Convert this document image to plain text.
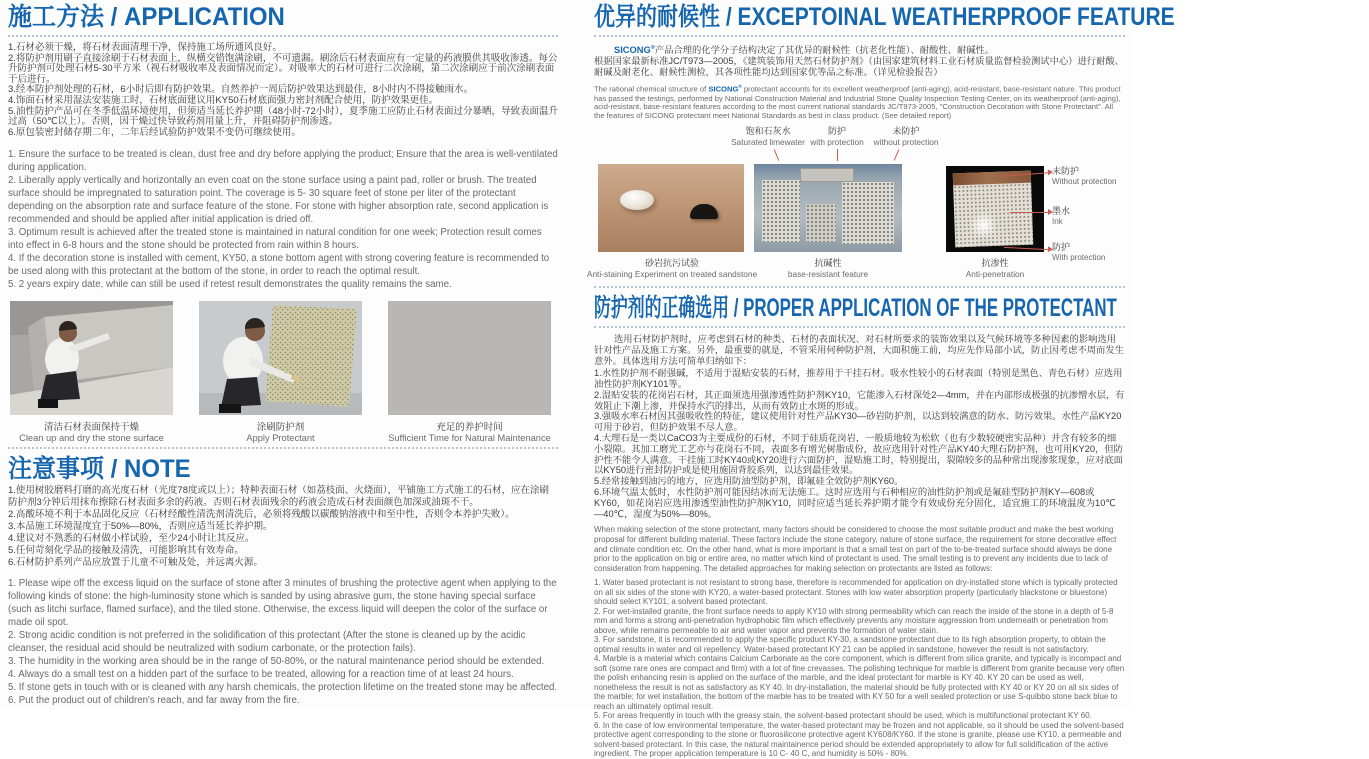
施工方法 / APPLICATION
1.石材必须干燥，将石材表面清理干净，保持施工场所通风良好。
2.将防护剂用刷子直接涂刷于石材表面上，纵横交错饱满涂刷，不可遗漏。刷涂后石材表面应有一定量的药液膜供其吸收渗透。每公升防护剂可处理石材5-30平方米（视石材吸收率及表面情况而定）。对吸率大的石材可进行二次涂刷，第二次涂刷应于前次涂刷表面干后进行。
3.经本防护剂处理的石材，6小时后即有防护效果。自然养护一周后防护效果达到最佳，8小时内不得接触雨水。
4.饰面石材采用湿法安装施工时，石材底面建议用KY50石材底面强力密封剂配合使用，防护效果更佳。
5.油性防护产品可在冬季低温环境使用，但须适当延长养护期（48小时-72小时），夏季施工应防止石材表面过分暴晒，导致表面温升过高（50℃以上）。否则，因干燥过快导致药剂用量上升，并阻碍防护剂渗透。
6.原包装密封储存期二年，二年后经试验防护效果不变仍可继续使用。
1. Ensure the surface to be treated is clean, dust free and dry before applying the product; Ensure that the area is well-ventilated during application.
2. Liberally apply vertically and horizontally an even coat on the stone surface using a paint pad, roller or brush. The treated surface should be impregnated to saturation point. The coverage is 5- 30 square feet of stone per liter of the protectant depending on the absorption rate and surface feature of the stone. For stone with higher absorption rate, second application is recommended and should be applied after initial application is dried off.
3. Optimum result is achieved after the treated stone is maintained in natural condition for one week; Protection result comes into effect in 6-8 hours and the stone should be protected from rain within 8 hours.
4. If the decoration stone is installed with cement, KY50, a stone bottom agent with strong covering feature is recommended to be used along with this protectant at the bottom of the stone, in order to reach the optimal result.
5. 2 years expiry date, while can still be used if retest result demonstrates the quality remains the same.
清洁石材表面保持干燥
Clean up and dry the stone surface
涂刷防护剂
Apply Protectant
充足的养护时间
Sufficient Time for Natural Maintenance
注意事项 / NOTE
1.使用树胶磨料打磨的高光度石材（光度78度或以上）；特种表面石材（如荔枝面、火烧面），平铺施工方式施工的石材，应在涂刷防护剂3分钟后用抹布擦除石材表面多余的药液。否则石材表面残余的药液会造成石材表面颜色加深或油斑不干。
2.高酸环境不利于本品固化反应（石材经酸性清洗剂清洗后，必须将残酸以碳酸钠溶液中和至中性，否则令本养护失败）。
3.本品施工环境湿度宜于50%—80%，否则应适当延长养护期。
4.建议对不熟悉的石材做小样试验，至少24小时让其反应。
5.任何苛刻化学品的接触及清洗，可能影响其有效寿命。
6.石材防护系列产品应放置于儿童不可触及处，并远离火源。
1. Please wipe off the excess liquid on the surface of stone after 3 minutes of brushing the protective agent when applying to the following kinds of stone: the high-luminosity stone which is sanded by using abrasive gum, the stone having special surface (such as litchi surface, flamed surface), and the tiled stone. Otherwise, the excess liquid will deepen the color of the surface or made oil spot.
2. Strong acidic condition is not preferred in the solidification of this protectant (After the stone is cleaned up by the acidic cleanser, the residual acid should be neutralized with sodium carbonate, or the protection fails).
3. The humidity in the working area should be in the range of 50-80%, or the natural maintenance period should be extended.
4. Always do a small test on a hidden part of the surface to be treated, allowing for a reaction time of at least 24 hours.
5. If stone gets in touch with or is cleaned with any harsh chemicals, the protection lifetime on the treated stone may be affected.
6. Put the product out of children's reach, and far away from the fire.
优异的耐候性 / EXCEPTOINAL WEATHERPROOF FEATURE
SICONG®产品合理的化学分子结构决定了其优异的耐候性（抗老化性能）、耐酸性、耐碱性。
根据国家最新标准JC/T973—2005，《建筑装饰用天然石材防护剂》（由国家建筑材料工业石材质量监督检验测试中心）进行耐酸、耐碱及耐老化、耐候性测检，其各项性能均达到国家优等品之标准。（详见检验报告）
The rational chemical structure of SICONG® protectant accounts for its excellent weatherproof (anti-aging), acid-resistant, base-resistant nature. This product has passed the testings, performed by National Construction Material and Industrial Stone Quality Inspection Testing Center, on its weatherproof (anti-aging), acid-resistant, base-resistant features according to the most current national standards JC/T973-2005, "Construction Decoration with Stone Protectant". All the features of SICONG protectant meet National Standards as best in class product. (See detailed report)
饱和石灰水
Saturated limewater
防护
with protection
未防护
without protection
未防护
Without protection
墨水
Ink
防护
With protection
砂岩抗污试验
Anti-staining Experiment on treated sandstone
抗碱性
base-resistant feature
抗渗性
Anti-penetration
防护剂的正确选用 / PROPER APPLICATION OF THE PROTECTANT
选用石材防护剂时，应考虑到石材的种类、石材的表面状况、对石材所要求的装饰效果以及气候环境等多种因素的影响选用针对性产品及施工方案。另外，最重要的就是，不管采用何种防护剂，大面积施工前，均应先作局部小试，防止因考虑不周而发生意外。具体选用方法可简单归纳如下：
1.水性防护剂不耐强碱，不适用于湿贴安装的石材，推荐用于干挂石材。吸水性较小的石材表面（特别是黑色、青色石材）应选用油性防护剂KY101等。
2.湿贴安装的花岗岩石材，其正面须选用强渗透性防护剂KY10，它能渗入石材深处2—4mm，并在内部形成极强的抗渗憎水层，有效阻止下潮上渗，并保持水汽的排出，从而有效防止水斑的形成。
3.强吸水率石材因其强吸收性的特征，建议使用针对性产品KY30—砂岩防护剂，以达到较满意的防水、防污效果。水性产品KY20可用于砂岩，但防护效果不尽人意。
4.大理石是一类以CaCO3为主要成份的石材，不同于硅质花岗岩，一般质地较为松软（也有少数较硬密实品种）并含有较多的细小裂隙。其加工磨光工艺亦与花岗石不同，表面多有增光树脂成份，故应选用针对性产品KY40大理石防护剂，也可用KY20，但防护性不能令人满意。干挂施工时KY40或KY20进行六面防护，湿贴施工时，特别提出，裂隙较多的品种常出现渗浆现象，应对底面以KY50进行密封防护或是使用施固背胶系列，以达到最佳效果。
5.经常接触到油污的地方，应选用防油型防护剂，即氟硅全效防护剂KY60。
6.环境气温太低时，水性防护剂可能因结冰而无法施工。这时应选用与石种相应的油性防护剂或是氟硅型防护剂KY—608或KY60，如花岗岩应选用渗透型油性防护剂KY10，同时应适当延长养护期才能令有效成份充分固化，适宜施工的环境温度为10℃—40℃，湿度为50%—80%。
When making selection of the stone protectant, many factors should be considered to choose the most suitable product and make the best working proposal for different building material. These factors include the stone category, nature of stone surface, the requirement for stone decorative effect and climate condition etc. On the other hand, what is more important is that a small test on part of the to-be-treated surface should always be done prior to the application on big or entire area, no matter which kind of protectant is used. The small testing is to prevent any incidents due to lack of consideration from happening. The detailed approaches for making selection on protectants are listed as follows:
1. Water based protectant is not resistant to strong base, therefore is recommended for application on dry-installed stone which is typically protected on all six sides of the stone with KY20, a water-based protectant. Stones with low water absorption property (particularly blackstone or bluestone) should select KY101, a solvent based protectant.
2. For wet-installed granite, the front surface needs to apply KY10 with strong permeability which can reach the inside of the stone in a depth of 5-8 mm and forms a strong anti-penetration hydrophobic film which effectively prevents any moisture aggression from underneath or penetration from above, while remains permeable to air and water vapor and prevents the formation of water stain.
3. For sandstone, it is recommended to apply the specific product KY-30, a sandstone protectant due to its high absorption property, to obtain the optimal results in water and oil repellency. Water-based protectant KY 21 can be applied in sandstone, however the result is not satisfactory.
4. Marble is a material which contains Calcium Carbonate as the core component, which is different from silica granite, and typically is incompact and soft (some rare ones are compact and firm) with a lot of fine crevasses. The polishing technique for marble is different from granite because very often the polish enhancing resin is applied on the surface of the marble, and the ideal protectant for marble is KY 40. KY 20 can be used as well, nonetheless the result is not as satisfactory as KY 40. In dry-installation, the material should be fully protected with KY 40 or KY 20 on all six sides of the marble; for wet installation, the bottom of the marble has to be treated with KY 50 for a well sealed protection or use S-quibbo stone back blue to reach an ultimately optimal result.
5. For areas frequently in touch with the greasy stain, the solvent-based protectant should be used, which is multifunctional protectant KY 60.
6. In the case of low environmental temperature, the water-based protectant may be frozen and not applicable, so it should be used the solvent-based protective agent corresponding to the stone or fluorosilicone protective agent KY608/KY60. If the stone is granite, please use KY10, a permeable and solvent-based protectant. In this case, the natural maintainence period should be extended appropriately to allow for full solidification of the active ingredient. The proper application temperature is 10 C- 40 C, and humidity is 50% - 80%.
